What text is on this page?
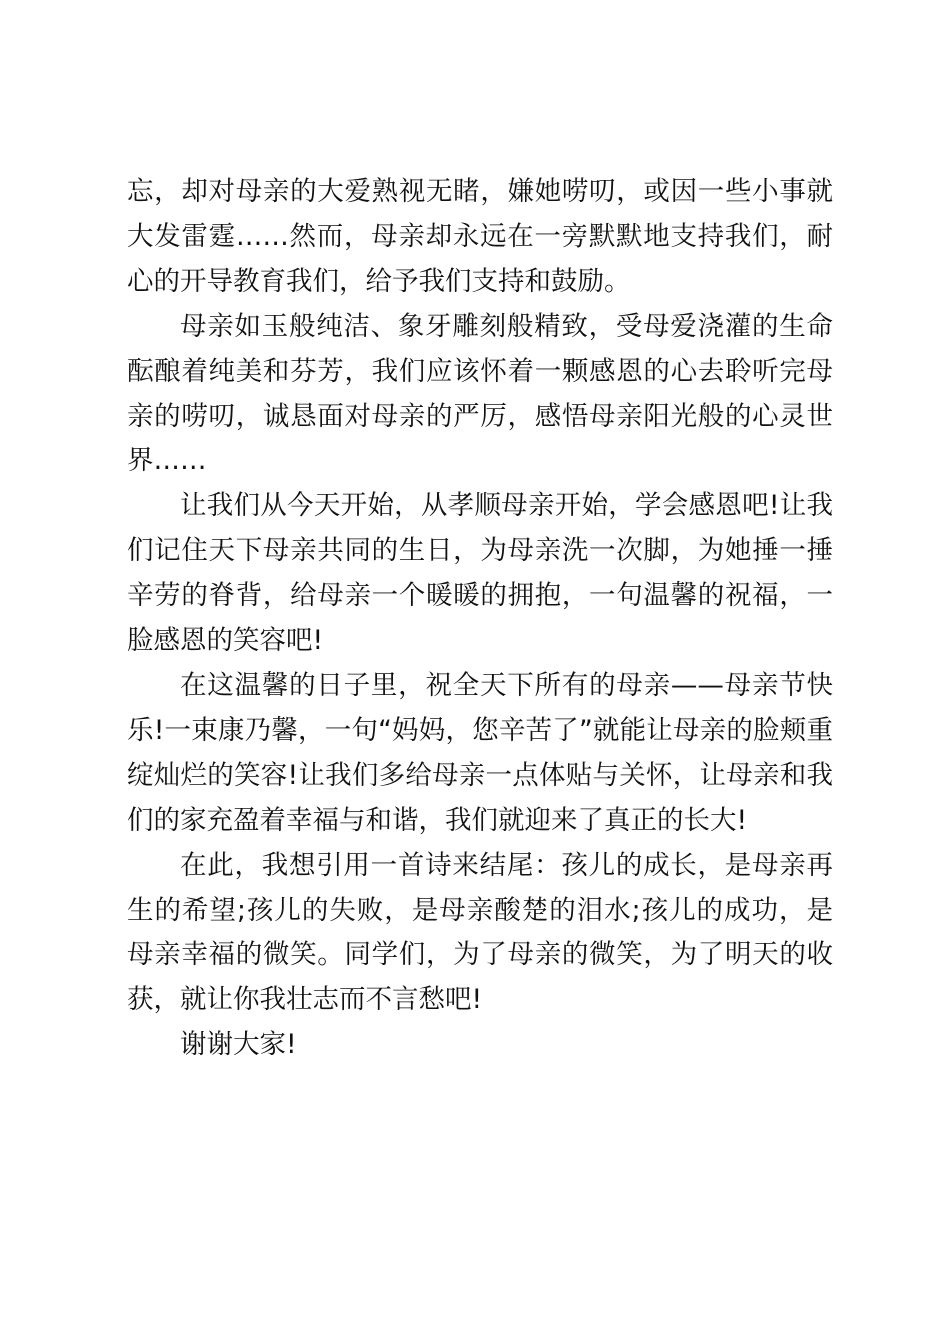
忘，却对母亲的大爱熟视无睹，嫌她唠叨，或因一些小事就大发雷霆……然而，母亲却永远在一旁默默地支持我们，耐心的开导教育我们，给予我们支持和鼓励。

母亲如玉般纯洁、象牙雕刻般精致，受母爱浇灌的生命酝酿着纯美和芬芳，我们应该怀着一颗感恩的心去聆听完母亲的唠叨，诚恳面对母亲的严厉，感悟母亲阳光般的心灵世界……

让我们从今天开始，从孝顺母亲开始，学会感恩吧!让我们记住天下母亲共同的生日，为母亲洗一次脚，为她捶一捶辛劳的脊背，给母亲一个暖暖的拥抱，一句温馨的祝福，一脸感恩的笑容吧!

在这温馨的日子里，祝全天下所有的母亲——母亲节快乐!一束康乃馨，一句“妈妈，您辛苦了”就能让母亲的脸颊重绽灿烂的笑容!让我们多给母亲一点体贴与关怀，让母亲和我们的家充盈着幸福与和谐，我们就迎来了真正的长大!

在此，我想引用一首诗来结尾：孩儿的成长，是母亲再生的希望;孩儿的失败，是母亲酸楚的泪水;孩儿的成功，是母亲幸福的微笑。同学们，为了母亲的微笑，为了明天的收获，就让你我壮志而不言愁吧!

谢谢大家!
